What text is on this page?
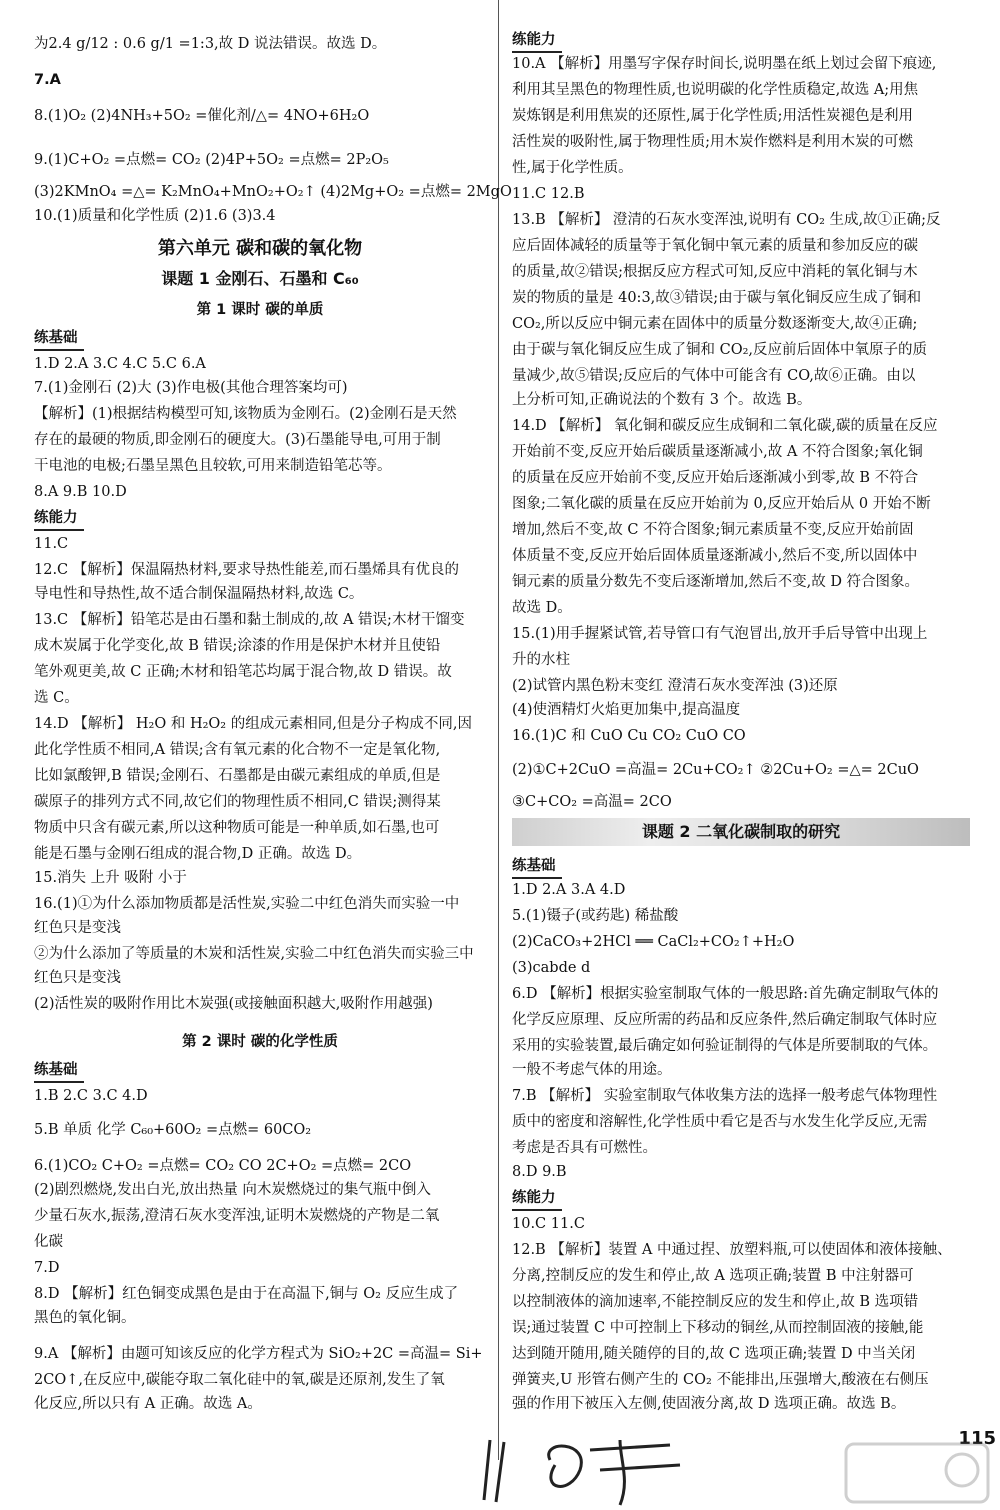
为2.4 g/12 : 0.6 g/1 =1:3,故 D 说法错误。故选 D。
7.A
8.(1)O₂ (2)4NH₃+5O₂ =催化剂/△= 4NO+6H₂O
9.(1)C+O₂ =点燃= CO₂ (2)4P+5O₂ =点燃= 2P₂O₅
(3)2KMnO₄ =△= K₂MnO₄+MnO₂+O₂↑ (4)2Mg+O₂ =点燃= 2MgO
10.(1)质量和化学性质 (2)1.6 (3)3.4
第六单元 碳和碳的氧化物
课题 1 金刚石、石墨和 C₆₀
第 1 课时 碳的单质
练基础
1.D 2.A 3.C 4.C 5.C 6.A
7.(1)金刚石 (2)大 (3)作电极(其他合理答案均可)
【解析】(1)根据结构模型可知,该物质为金刚石。(2)金刚石是天然
存在的最硬的物质,即金刚石的硬度大。(3)石墨能导电,可用于制
干电池的电极;石墨呈黑色且较软,可用来制造铅笔芯等。
8.A 9.B 10.D
练能力
11.C
12.C 【解析】保温隔热材料,要求导热性能差,而石墨烯具有优良的
导电性和导热性,故不适合制保温隔热材料,故选 C。
13.C 【解析】铅笔芯是由石墨和黏土制成的,故 A 错误;木材干馏变
成木炭属于化学变化,故 B 错误;涂漆的作用是保护木材并且使铅
笔外观更美,故 C 正确;木材和铅笔芯均属于混合物,故 D 错误。故
选 C。
14.D 【解析】 H₂O 和 H₂O₂ 的组成元素相同,但是分子构成不同,因
此化学性质不相同,A 错误;含有氧元素的化合物不一定是氧化物,
比如氯酸钾,B 错误;金刚石、石墨都是由碳元素组成的单质,但是
碳原子的排列方式不同,故它们的物理性质不相同,C 错误;测得某
物质中只含有碳元素,所以这种物质可能是一种单质,如石墨,也可
能是石墨与金刚石组成的混合物,D 正确。故选 D。
15.消失 上升 吸附 小于
16.(1)①为什么添加物质都是活性炭,实验二中红色消失而实验一中
红色只是变浅
②为什么添加了等质量的木炭和活性炭,实验二中红色消失而实验三中
红色只是变浅
(2)活性炭的吸附作用比木炭强(或接触面积越大,吸附作用越强)
第 2 课时 碳的化学性质
练基础
1.B 2.C 3.C 4.D
5.B 单质 化学 C₆₀+60O₂ =点燃= 60CO₂
6.(1)CO₂ C+O₂ =点燃= CO₂ CO 2C+O₂ =点燃= 2CO
(2)剧烈燃烧,发出白光,放出热量 向木炭燃烧过的集气瓶中倒入
少量石灰水,振荡,澄清石灰水变浑浊,证明木炭燃烧的产物是二氧
化碳
7.D
8.D 【解析】红色铜变成黑色是由于在高温下,铜与 O₂ 反应生成了
黑色的氧化铜。
9.A 【解析】由题可知该反应的化学方程式为 SiO₂+2C =高温= Si+
2CO↑,在反应中,碳能夺取二氧化硅中的氧,碳是还原剂,发生了氧
化反应,所以只有 A 正确。故选 A。
练能力
10.A 【解析】用墨写字保存时间长,说明墨在纸上划过会留下痕迹,
利用其呈黑色的物理性质,也说明碳的化学性质稳定,故选 A;用焦
炭炼钢是利用焦炭的还原性,属于化学性质;用活性炭褪色是利用
活性炭的吸附性,属于物理性质;用木炭作燃料是利用木炭的可燃
性,属于化学性质。
11.C 12.B
13.B 【解析】 澄清的石灰水变浑浊,说明有 CO₂ 生成,故①正确;反
应后固体减轻的质量等于氧化铜中氧元素的质量和参加反应的碳
的质量,故②错误;根据反应方程式可知,反应中消耗的氧化铜与木
炭的物质的量是 40:3,故③错误;由于碳与氧化铜反应生成了铜和
CO₂,所以反应中铜元素在固体中的质量分数逐渐变大,故④正确;
由于碳与氧化铜反应生成了铜和 CO₂,反应前后固体中氧原子的质
量减少,故⑤错误;反应后的气体中可能含有 CO,故⑥正确。由以
上分析可知,正确说法的个数有 3 个。故选 B。
14.D 【解析】 氧化铜和碳反应生成铜和二氧化碳,碳的质量在反应
开始前不变,反应开始后碳质量逐渐减小,故 A 不符合图象;氧化铜
的质量在反应开始前不变,反应开始后逐渐减小到零,故 B 不符合
图象;二氧化碳的质量在反应开始前为 0,反应开始后从 0 开始不断
增加,然后不变,故 C 不符合图象;铜元素质量不变,反应开始前固
体质量不变,反应开始后固体质量逐渐减小,然后不变,所以固体中
铜元素的质量分数先不变后逐渐增加,然后不变,故 D 符合图象。
故选 D。
15.(1)用手握紧试管,若导管口有气泡冒出,放开手后导管中出现上
升的水柱
(2)试管内黑色粉末变红 澄清石灰水变浑浊 (3)还原
(4)使酒精灯火焰更加集中,提高温度
16.(1)C 和 CuO Cu CO₂ CuO CO
(2)①C+2CuO =高温= 2Cu+CO₂↑ ②2Cu+O₂ =△= 2CuO
③C+CO₂ =高温= 2CO
课题 2 二氧化碳制取的研究
练基础
1.D 2.A 3.A 4.D
5.(1)镊子(或药匙) 稀盐酸
(2)CaCO₃+2HCl ══ CaCl₂+CO₂↑+H₂O
(3)cabde d
6.D 【解析】根据实验室制取气体的一般思路:首先确定制取气体的
化学反应原理、反应所需的药品和反应条件,然后确定制取气体时应
采用的实验装置,最后确定如何验证制得的气体是所要制取的气体。
一般不考虑气体的用途。
7.B 【解析】 实验室制取气体收集方法的选择一般考虑气体物理性
质中的密度和溶解性,化学性质中看它是否与水发生化学反应,无需
考虑是否具有可燃性。
8.D 9.B
练能力
10.C 11.C
12.B 【解析】装置 A 中通过捏、放塑料瓶,可以使固体和液体接触、
分离,控制反应的发生和停止,故 A 选项正确;装置 B 中注射器可
以控制液体的滴加速率,不能控制反应的发生和停止,故 B 选项错
误;通过装置 C 中可控制上下移动的铜丝,从而控制固液的接触,能
达到随开随用,随关随停的目的,故 C 选项正确;装置 D 中当关闭
弹簧夹,U 形管右侧产生的 CO₂ 不能排出,压强增大,酸液在右侧压
强的作用下被压入左侧,使固液分离,故 D 选项正确。故选 B。
115
